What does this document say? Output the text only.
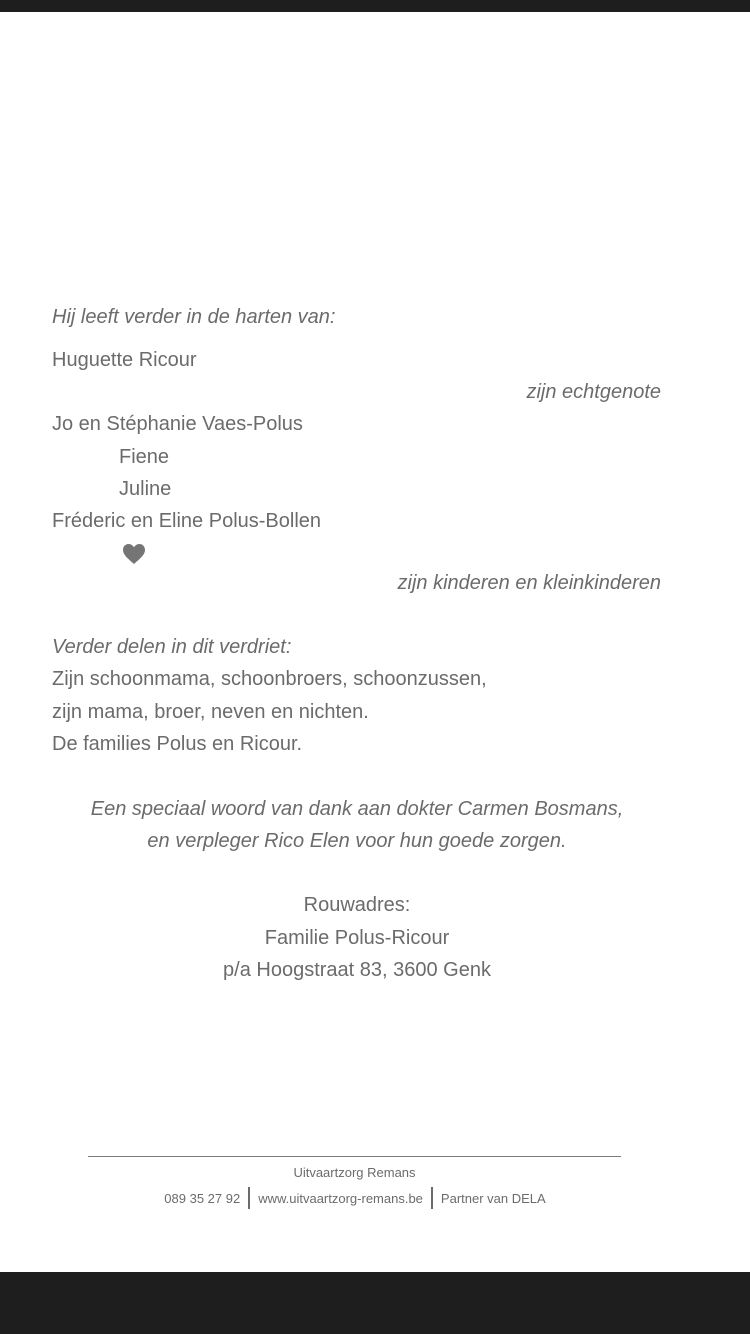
Hij leeft verder in de harten van:
Huguette Ricour
zijn echtgenote
Jo en Stéphanie Vaes-Polus
Fiene
Juline
Fréderic en Eline Polus-Bollen
zijn kinderen en kleinkinderen
Verder delen in dit verdriet:
Zijn schoonmama, schoonbroers, schoonzussen,
zijn mama, broer, neven en nichten.
De families Polus en Ricour.
Een speciaal woord van dank aan dokter Carmen Bosmans,
en verpleger Rico Elen voor hun goede zorgen.
Rouwadres:
Familie Polus-Ricour
p/a Hoogstraat 83, 3600 Genk
Uitvaartzorg Remans
089 35 27 92 www.uitvaartzorg-remans.be Partner van DELA
